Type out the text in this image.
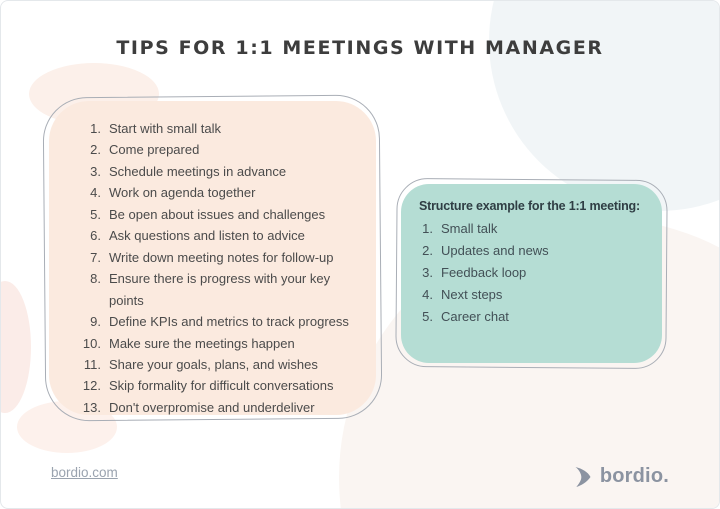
TIPS FOR 1:1 MEETINGS WITH MANAGER
Start with small talk
Come prepared
Schedule meetings in advance
Work on agenda together
Be open about issues and challenges
Ask questions and listen to advice
Write down meeting notes for follow-up
Ensure there is progress with your key points
Define KPIs and metrics to track progress
Make sure the meetings happen
Share your goals, plans, and wishes
Skip formality for difficult conversations
Don't overpromise and underdeliver

Structure example for the 1:1 meeting:

Small talk
Updates and news
Feedback loop
Next steps
Career chat
bordio.com	bordio.
